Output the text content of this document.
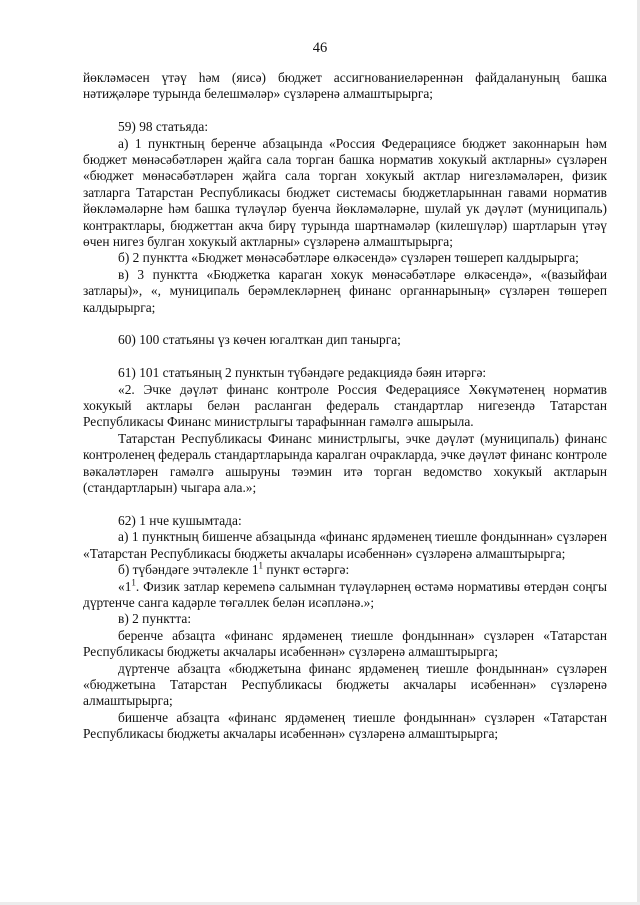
46

йөкләмәсен үтәү һәм (яисә) бюджет ассигнованиеләреннән файдалануның башка

нәтиҗәләре турында белешмәләр» сүзләренә алмаштырырга;

59) 98 статьяда:

а) 1 пунктның беренче абзацында «Россия Федерациясе бюджет законнарын һәм бюджет мөнәсәбәтләрен җайга сала торган башка норматив хокукый актларны» сүзләрен «бюджет мөнәсәбәтләрен җайга сала торган хокукый актлар нигезләмәләрен, физик затларга Татарстан Республикасы бюджет системасы бюджетларыннан гавами норматив йөкләмәләрне һәм башка түләүләр буенча йөкләмәләрне, шулай ук дәүләт (муниципаль) контрактлары, бюджеттан акча бирү турында шартнамәләр (килешүләр) шартларын үтәү өчен нигез булган хокукый актларны» сүзләренә алмаштырырга;

б) 2 пунктта «Бюджет мөнәсәбәтләре өлкәсендә» сүзләрен төшереп калдырырга;

в) 3 пунктта «Бюджетка караган хокук мөнәсәбәтләре өлкәсендә», «(вазыйфаи затлары)», «, муниципаль берәмлекләрнең финанс органнарының» сүзләрен төшереп калдырырга;

60) 100 статьяны үз көчен югалткан дип танырга;

61) 101 статьяның 2 пунктын түбәндәге редакциядә бәян итәргә:

«2. Эчке дәүләт финанс контроле Россия Федерациясе Хөкүмәтенең норматив хокукый актлары белән расланган федераль стандартлар нигезендә Татарстан Республикасы Финанс министрлыгы тарафыннан гамәлгә ашырыла.

Татарстан Республикасы Финанс министрлыгы, эчке дәүләт (муниципаль) финанс контроленең федераль стандартларында каралган очракларда, эчке дәүләт финанс контроле вәкаләтләрен гамәлгә ашыруны тәэмин итә торган ведомство хокукый актларын (стандартларын) чыгара ала.»;

62) 1 нче кушымтада:

а) 1 пунктның бишенче абзацында «финанс ярдәменең тиешле фондыннан» сүзләрен «Татарстан Республикасы бюджеты акчалары исәбеннән» сүзләренә алмаштырырга;

б) түбәндәге эчтәлекле $1^1$ пункт өстәргә:

«$1^1$. Физик затлар керемenә салымнан түләүләрнең өстәмә нормативы өтердән соңгы дүртенче санга кадәрле төгәллек белән исәпләнә.»;

в) 2 пунктта:

беренче абзацта «финанс ярдәменең тиешле фондыннан» сүзләрен «Татарстан Республикасы бюджеты акчалары исәбеннән» сүзләренә алмаштырырга;

дүртенче абзацта «бюджетына финанс ярдәменең тиешле фондыннан» сүзләрен «бюджетына Татарстан Республикасы бюджеты акчалары исәбеннән» сүзләренә алмаштырырга;

бишенче абзацта «финанс ярдәменең тиешле фондыннан» сүзләрен «Татарстан Республикасы бюджеты акчалары исәбеннән» сүзләренә алмаштырырга;
